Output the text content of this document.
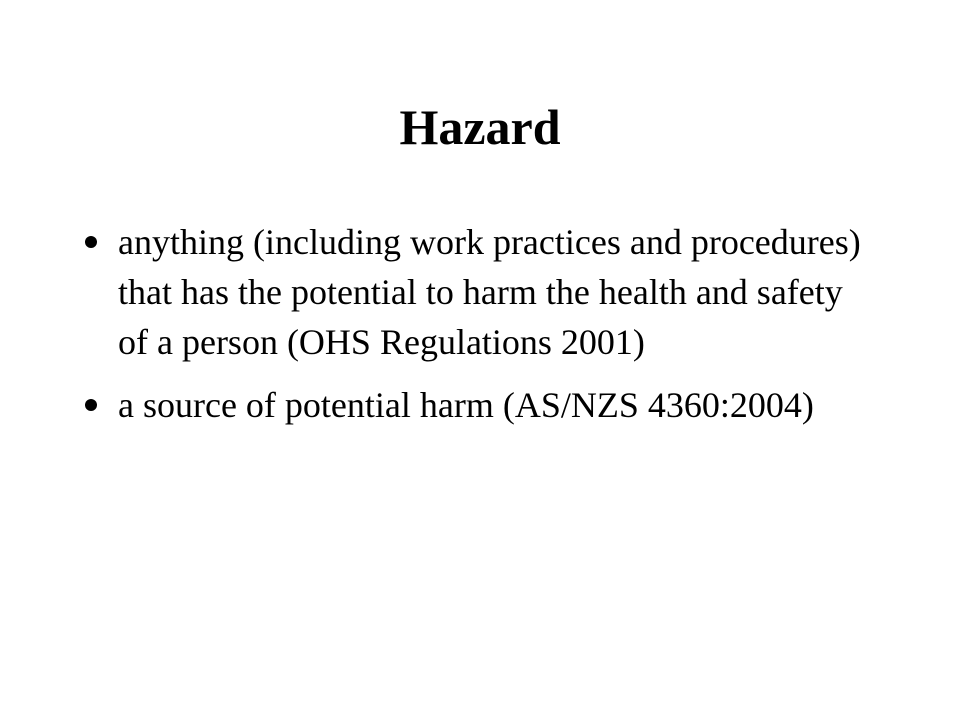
Hazard
anything (including work practices and procedures) that has the potential to harm the health and safety of a person (OHS Regulations 2001)
a source of potential harm (AS/NZS 4360:2004)
